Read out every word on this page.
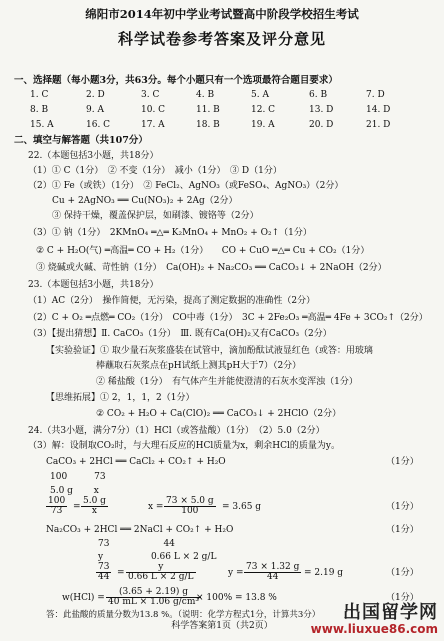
绵阳市2014年初中学业考试暨高中阶段学校招生考试
科学试卷参考答案及评分意见
一、选择题（每小题3分，共63分。每个小题只有一个选项最符合题目要求）
1. C	2. D	3. C	4. B	5. A	6. B	7. D
8. B	9. A	10. C	11. B	12. C	13. D	14. D
15. A	16. C	17. A	18. B	19. A	20. D	21. D
二、填空与解答题（共107分）
22.（本题包括3小题，共18分）
（1）① C（1分）　② 不变（1分）　减小（1分）　③ D（1分）
（2）① Fe（或铁）（1分）　② FeCl₂、AgNO₃（或FeSO₄、AgNO₃）（2分）
Cu + 2AgNO₃ ══ Cu(NO₃)₂ + 2Ag（2分）
③ 保持干燥，覆盖保护层，如刷漆、镀铬等（2分）
（3）① 钠（1分）　2KMnO₄ ═△═ K₂MnO₄ + MnO₂ + O₂↑（1分）
② C + H₂O(气) ═高温═ CO + H₂（1分）　　CO + CuO ═△═ Cu + CO₂（1分）
③ 烧碱或火碱、苛性钠（1分）　Ca(OH)₂ + Na₂CO₃ ══ CaCO₃↓ + 2NaOH（2分）
23.（本题包括3小题，共18分）
（1）AC（2分）　操作简便，无污染，提高了测定数据的准确性（2分）
（2）C + O₂ ═点燃═ CO₂（1分）　CO中毒（1分）　3C + 2Fe₂O₃ ═高温═ 4Fe + 3CO₂↑（2分）
（3）【提出猜想】Ⅱ. CaCO₃（1分）　Ⅲ. 既有Ca(OH)₂又有CaCO₃（2分）
【实验验证】① 取少量石灰浆盛装在试管中，滴加酚酞试液显红色（或答：用玻璃
棒蘸取石灰浆点在pH试纸上测其pH大于7）（2分）
② 稀盐酸（1分）　有气体产生并能使澄清的石灰水变浑浊（1分）
【思维拓展】① 2，1，1，2（1分）
② CO₂ + H₂O + Ca(ClO)₂ ══ CaCO₃↓ + 2HClO（2分）
24.（共3小题，满分7分）（1）HCl（或答盐酸）（1分）　（2）5.0（2分）
（3）解：设制取CO₂时，与大理石反应的HCl质量为x，剩余HCl的质量为y。
CaCO₃ + 2HCl ══ CaCl₂ + CO₂↑ + H₂O	（1分）
100　　　73
5.0 g　　 x
$\frac{100}{73} = \frac{5.0 g}{x}$	$x = \frac{73 \times 5.0 g}{100} = 3.65$ g	（1分）
Na₂CO₃ + 2HCl ══ 2NaCl + CO₂↑ + H₂O	（1分）
73　　　　　　44
y　　　　　 0.66 L × 2 g/L
$\frac{73}{44} = \frac{y}{0.66 L \times 2 g/L}$	$y = \frac{73 \times 1.32 g}{44} = 2.19$ g	（1分）
$w(HCl) = \frac{(3.65 + 2.19) g}{\text{40 mL × 1.06 g/cm³}}$
× 100% = 13.8 %	（1分）
答：此盐酸的质量分数为13.8 %。（说明：化学方程式1分，计算共3分）
科学答案第1页（共2页）
出国留学网
www.liuxue86.com
